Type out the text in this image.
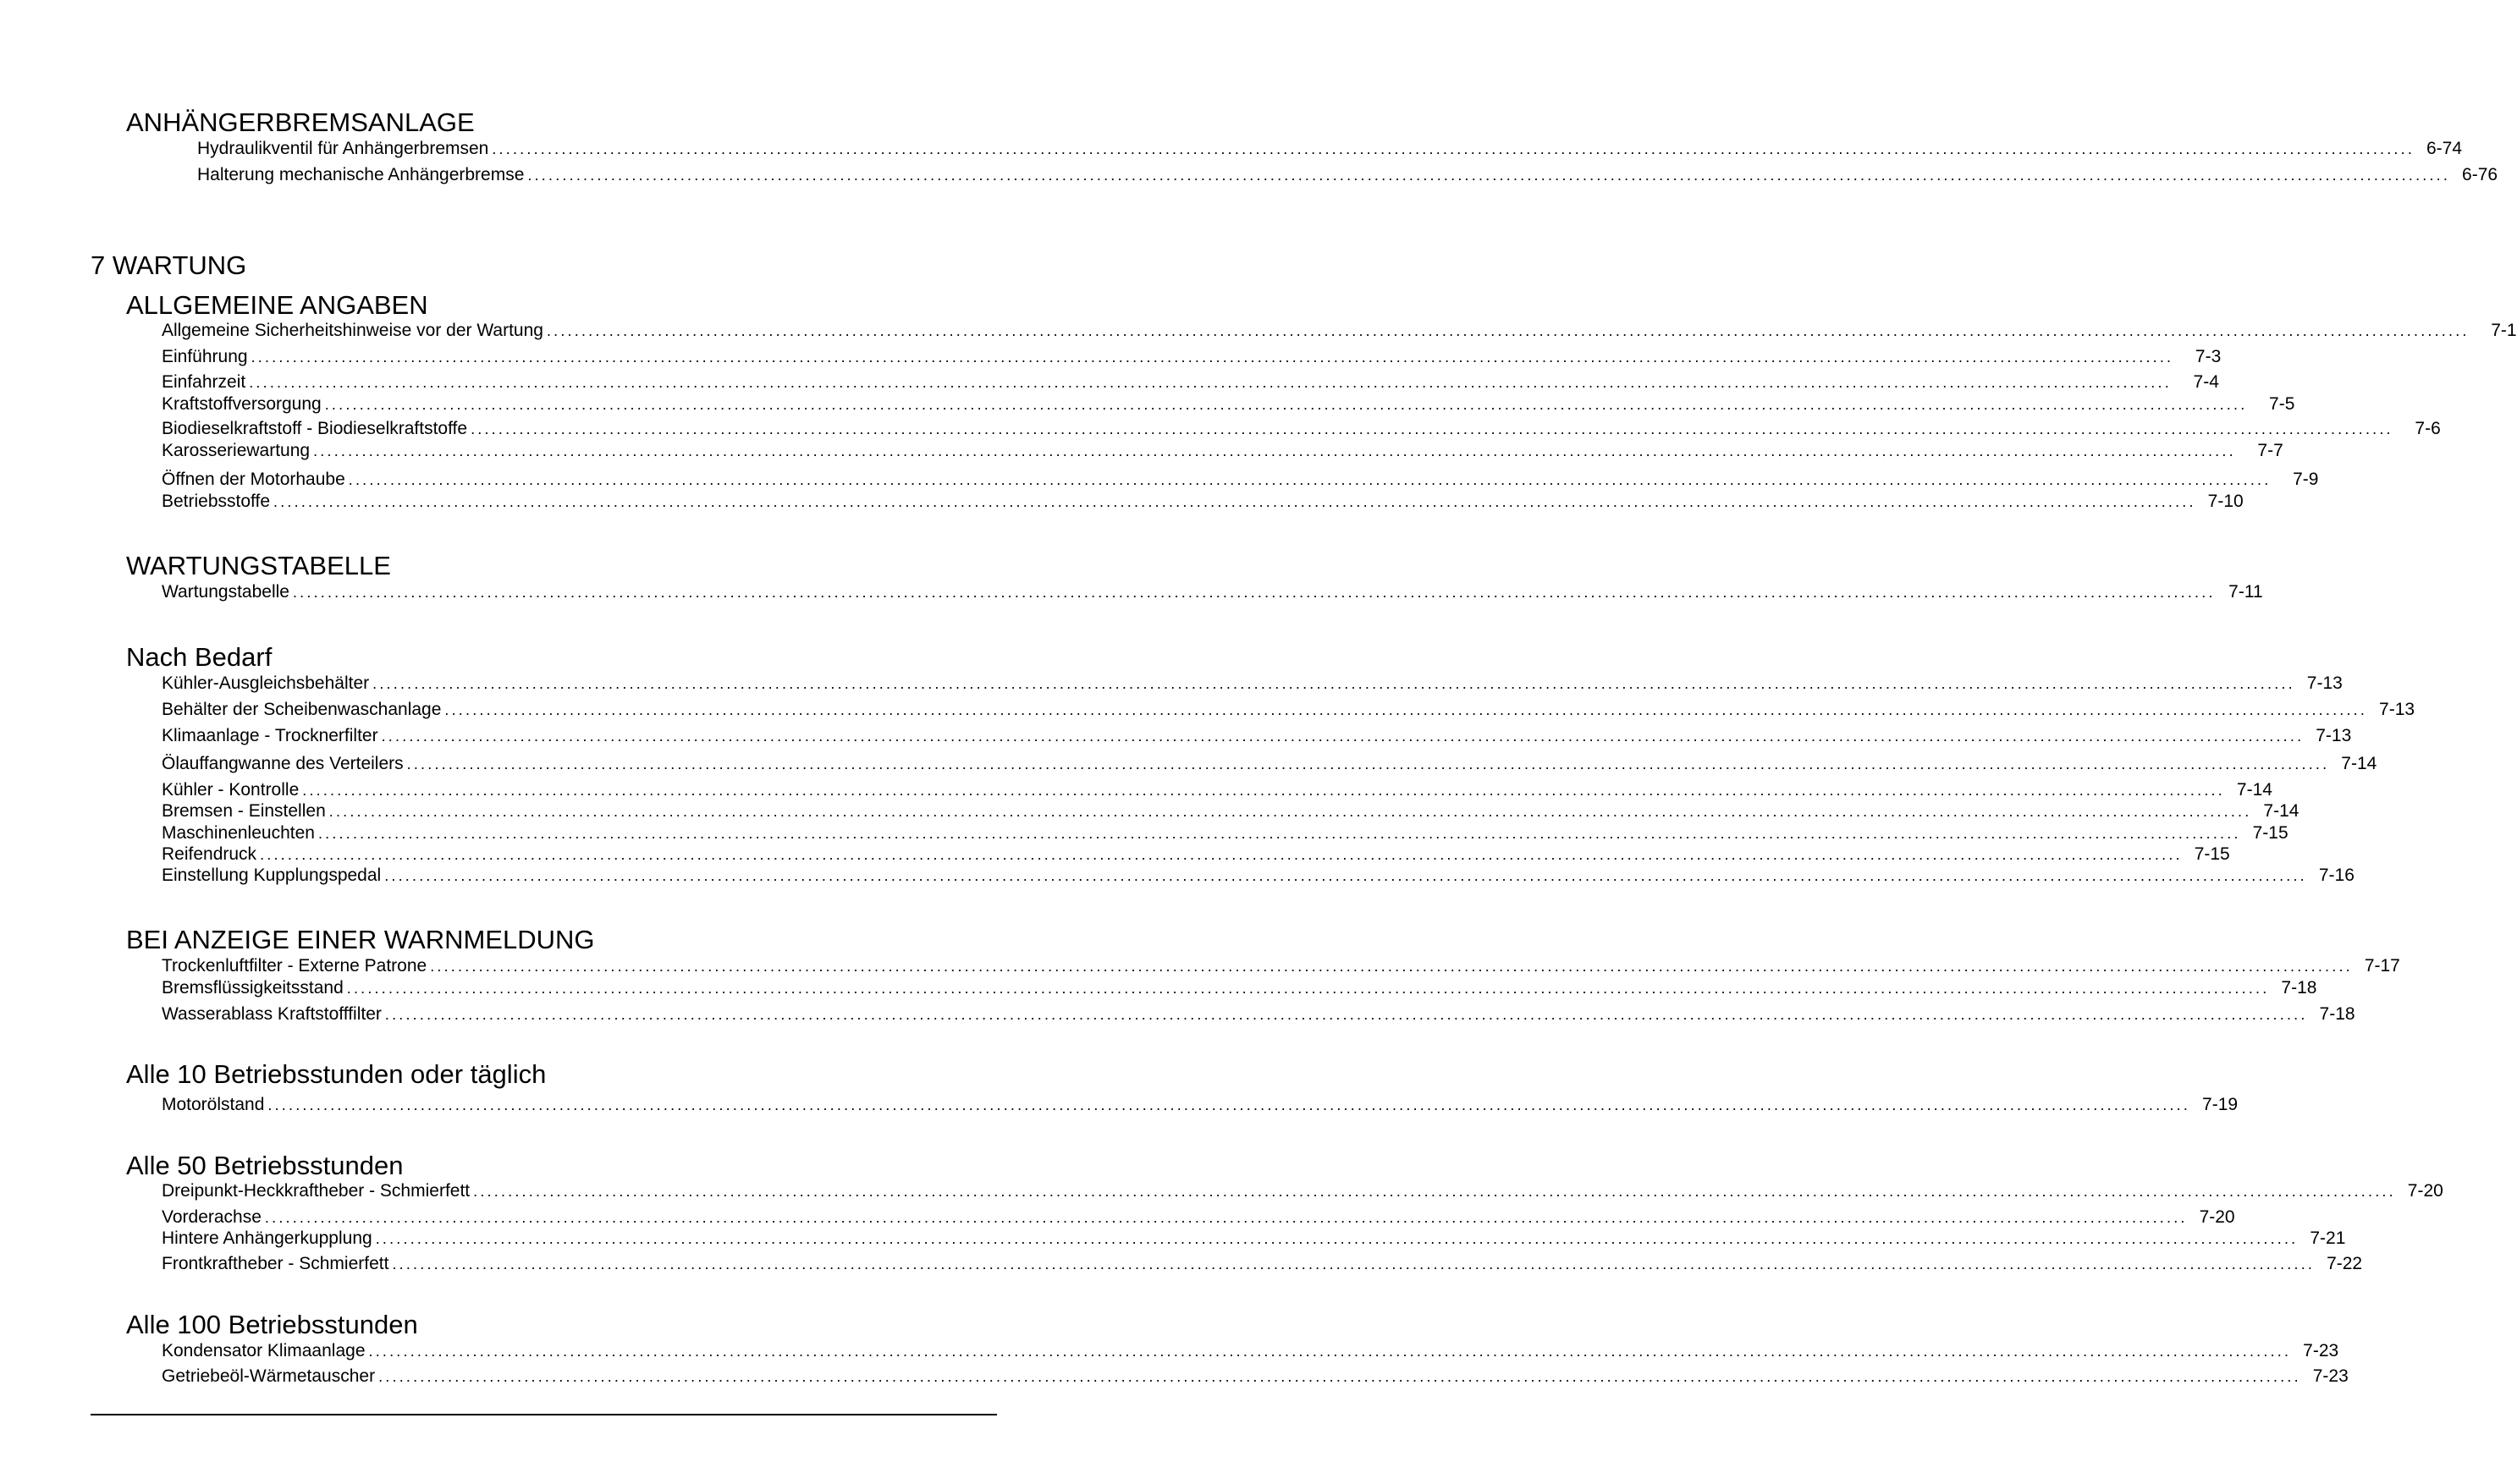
ANHÄNGERBREMSANLAGE
Hydraulikventil für Anhängerbremsen ..................................................................................................................................................................................................................................................................................... 6-74
Halterung mechanische Anhängerbremse ..................................................................................................................................................................................................................................................................................... 6-76
7 WARTUNG
ALLGEMEINE ANGABEN
Allgemeine Sicherheitshinweise vor der Wartung .....................................................................................................................................................................................................................................................................................	7-1
Einführung .....................................................................................................................................................................................................................................................................................	7-3
Einfahrzeit .....................................................................................................................................................................................................................................................................................	7-4
Kraftstoffversorgung .....................................................................................................................................................................................................................................................................................	7-5
Biodieselkraftstoff - Biodieselkraftstoffe .....................................................................................................................................................................................................................................................................................	7-6
Karosseriewartung .....................................................................................................................................................................................................................................................................................	7-7
Öffnen der Motorhaube .....................................................................................................................................................................................................................................................................................	7-9
Betriebsstoffe ..................................................................................................................................................................................................................................................................................... 7-10
WARTUNGSTABELLE
Wartungstabelle ..................................................................................................................................................................................................................................................................................... 7-11
Nach Bedarf
Kühler-Ausgleichsbehälter ..................................................................................................................................................................................................................................................................................... 7-13
Behälter der Scheibenwaschanlage ..................................................................................................................................................................................................................................................................................... 7-13
Klimaanlage - Trocknerfilter ..................................................................................................................................................................................................................................................................................... 7-13
Ölauffangwanne des Verteilers ..................................................................................................................................................................................................................................................................................... 7-14
Kühler - Kontrolle ..................................................................................................................................................................................................................................................................................... 7-14
Bremsen - Einstellen ..................................................................................................................................................................................................................................................................................... 7-14
Maschinenleuchten ..................................................................................................................................................................................................................................................................................... 7-15
Reifendruck ..................................................................................................................................................................................................................................................................................... 7-15
Einstellung Kupplungspedal ..................................................................................................................................................................................................................................................................................... 7-16
BEI ANZEIGE EINER WARNMELDUNG
Trockenluftfilter - Externe Patrone ..................................................................................................................................................................................................................................................................................... 7-17
Bremsflüssigkeitsstand ..................................................................................................................................................................................................................................................................................... 7-18
Wasserablass Kraftstofffilter ..................................................................................................................................................................................................................................................................................... 7-18
Alle 10 Betriebsstunden oder täglich
Motorölstand ..................................................................................................................................................................................................................................................................................... 7-19
Alle 50 Betriebsstunden
Dreipunkt-Heckkraftheber - Schmierfett ..................................................................................................................................................................................................................................................................................... 7-20
Vorderachse ..................................................................................................................................................................................................................................................................................... 7-20
Hintere Anhängerkupplung ..................................................................................................................................................................................................................................................................................... 7-21
Frontkraftheber - Schmierfett ..................................................................................................................................................................................................................................................................................... 7-22
Alle 100 Betriebsstunden
Kondensator Klimaanlage ..................................................................................................................................................................................................................................................................................... 7-23
Getriebeöl-Wärmetauscher ..................................................................................................................................................................................................................................................................................... 7-23
